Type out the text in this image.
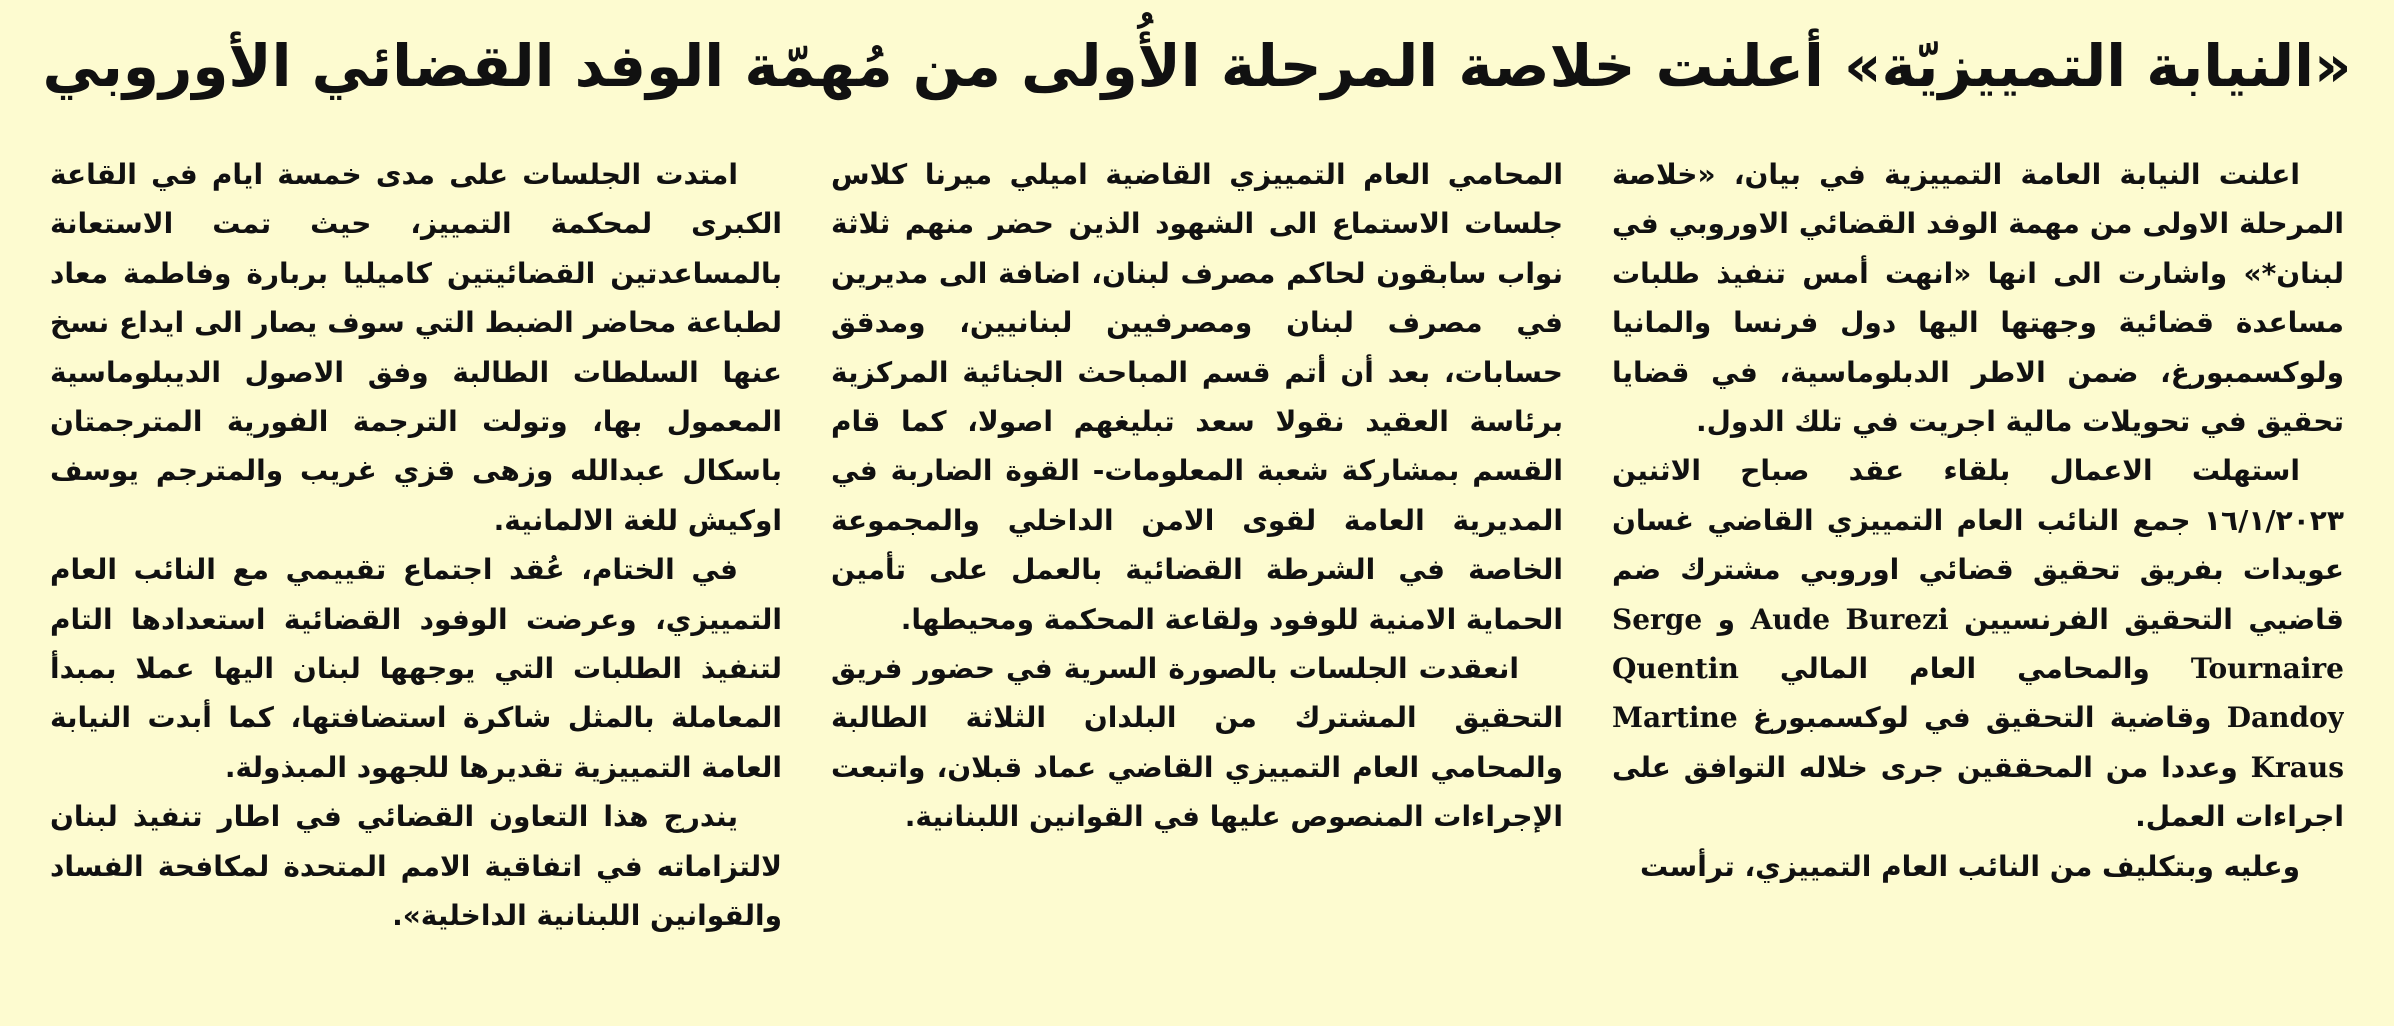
«النيابة التمييزيّة» أعلنت خلاصة المرحلة الأُولى من مُهمّة الوفد القضائي الأوروبي

اعلنت النيابة العامة التمييزية في بيان، «خلاصة المرحلة الاولى من مهمة الوفد القضائي الاوروبي في لبنان*» واشارت الى انها «انهت أمس تنفيذ طلبات مساعدة قضائية وجهتها اليها دول فرنسا والمانيا ولوكسمبورغ، ضمن الاطر الدبلوماسية، في قضايا تحقيق في تحويلات مالية اجريت في تلك الدول.

استهلت الاعمال بلقاء عقد صباح الاثنين ١٦/١/٢٠٢٣ جمع النائب العام التمييزي القاضي غسان عويدات بفريق تحقيق قضائي اوروبي مشترك ضم قاضيي التحقيق الفرنسيين Aude Burezi و Serge Tournaire والمحامي العام المالي Quentin Dandoy وقاضية التحقيق في لوكسمبورغ Martine Kraus وعددا من المحققين جرى خلاله التوافق على اجراءات العمل.

وعليه وبتكليف من النائب العام التمييزي، ترأست

المحامي العام التمييزي القاضية اميلي ميرنا كلاس جلسات الاستماع الى الشهود الذين حضر منهم ثلاثة نواب سابقون لحاكم مصرف لبنان، اضافة الى مديرين في مصرف لبنان ومصرفيين لبنانيين، ومدقق حسابات، بعد أن أتم قسم المباحث الجنائية المركزية برئاسة العقيد نقولا سعد تبليغهم اصولا، كما قام القسم بمشاركة شعبة المعلومات- القوة الضاربة في المديرية العامة لقوى الامن الداخلي والمجموعة الخاصة في الشرطة القضائية بالعمل على تأمين الحماية الامنية للوفود ولقاعة المحكمة ومحيطها.

انعقدت الجلسات بالصورة السرية في حضور فريق التحقيق المشترك من البلدان الثلاثة الطالبة والمحامي العام التمييزي القاضي عماد قبلان، واتبعت الإجراءات المنصوص عليها في القوانين اللبنانية.

امتدت الجلسات على مدى خمسة ايام في القاعة الكبرى لمحكمة التمييز، حيث تمت الاستعانة بالمساعدتين القضائيتين كاميليا بربارة وفاطمة معاد لطباعة محاضر الضبط التي سوف يصار الى ايداع نسخ عنها السلطات الطالبة وفق الاصول الديبلوماسية المعمول بها، وتولت الترجمة الفورية المترجمتان باسكال عبدالله وزهى قزي غريب والمترجم يوسف اوكيش للغة الالمانية.

في الختام، عُقد اجتماع تقييمي مع النائب العام التمييزي، وعرضت الوفود القضائية استعدادها التام لتنفيذ الطلبات التي يوجهها لبنان اليها عملا بمبدأ المعاملة بالمثل شاكرة استضافتها، كما أبدت النيابة العامة التمييزية تقديرها للجهود المبذولة.

يندرج هذا التعاون القضائي في اطار تنفيذ لبنان لالتزاماته في اتفاقية الامم المتحدة لمكافحة الفساد والقوانين اللبنانية الداخلية».
